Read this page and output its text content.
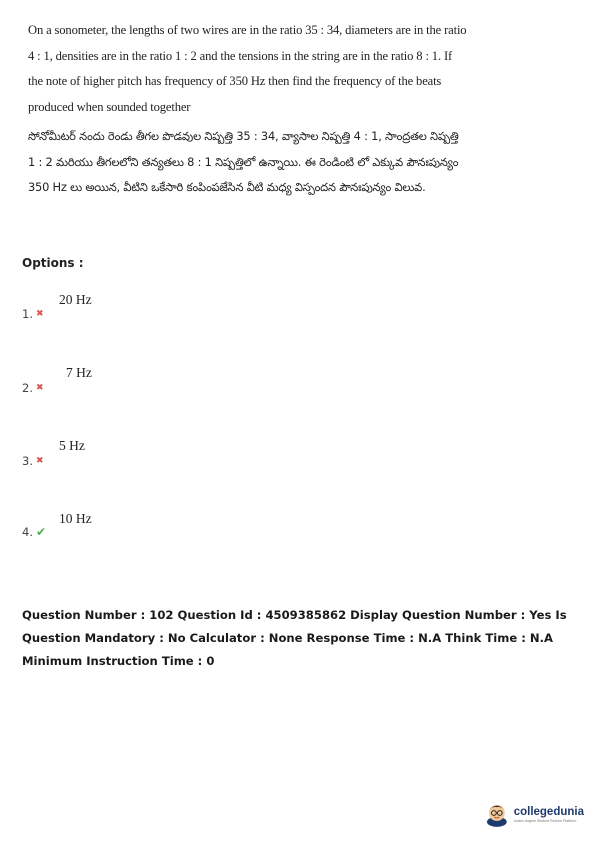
On a sonometer, the lengths of two wires are in the ratio 35 : 34, diameters are in the ratio 4 : 1, densities are in the ratio 1 : 2 and the tensions in the string are in the ratio 8 : 1. If the note of higher pitch has frequency of 350 Hz then find the frequency of the beats produced when sounded together
సోనోమీటర్ నందు రెండు తీగల పొడవుల నిష్పత్తి 35 : 34, వ్యాసాల నిష్పత్తి 4 : 1, సాంద్రతల నిష్పత్తి 1 : 2 మరియు తీగలలోని తన్యతలు 8 : 1 నిష్పత్తిలో ఉన్నాయి. ఈ రెండింటి లో ఎక్కువ పౌనఃపున్యం 350 Hz లు అయిన, వీటిని ఒకేసారి కంపింపజేసిన వీటి మధ్య విస్పందన పౌనఃపున్యం విలువ.
Options :
20 Hz
1. ✖
7 Hz
2. ✖
5 Hz
3. ✖
10 Hz
4. ✔
Question Number : 102 Question Id : 4509385862 Display Question Number : Yes Is Question Mandatory : No Calculator : None Response Time : N.A Think Time : N.A Minimum Instruction Time : 0
collegedunia
India's largest Student Review Platform
